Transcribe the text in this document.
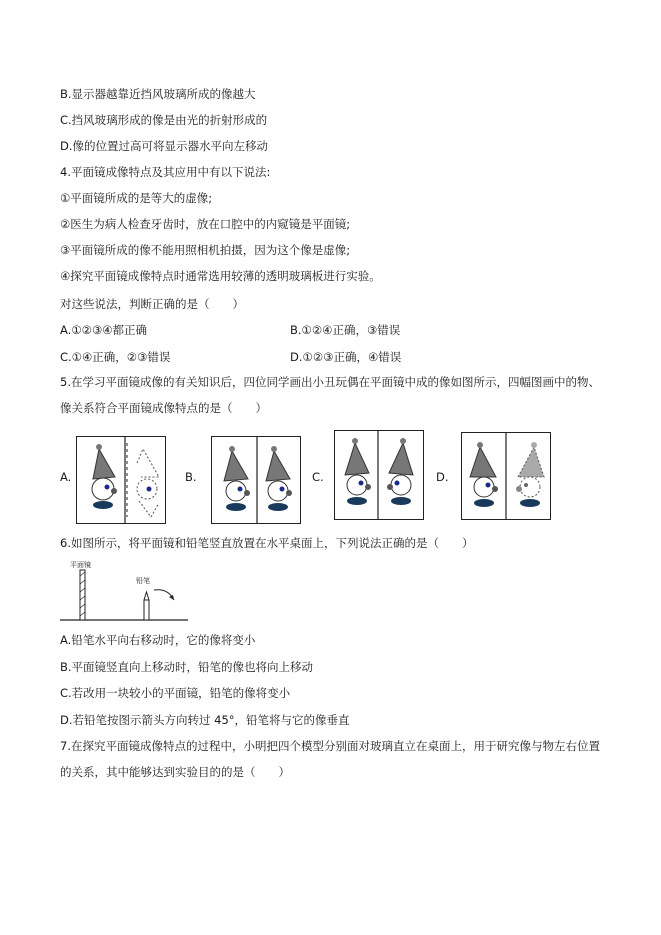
B.显示器越靠近挡风玻璃所成的像越大
C.挡风玻璃形成的像是由光的折射形成的
D.像的位置过高可将显示器水平向左移动
4.平面镜成像特点及其应用中有以下说法:
①平面镜所成的是等大的虚像;
②医生为病人检查牙齿时，放在口腔中的内窥镜是平面镜;
③平面镜所成的像不能用照相机拍摄，因为这个像是虚像;
④探究平面镜成像特点时通常选用较薄的透明玻璃板进行实验。
对这些说法，判断正确的是（　　）
A.①②③④都正确	B.①②④正确，③错误
C.①④正确，②③错误	D.①②③正确，④错误
5.在学习平面镜成像的有关知识后，四位同学画出小丑玩偶在平面镜中成的像如图所示，四幅图画中的物、
像关系符合平面镜成像特点的是（　　）
A.	B.	C.	D.
6.如图所示，将平面镜和铅笔竖直放置在水平桌面上，下列说法正确的是（　　）
平面镜
铅笔
A.铅笔水平向右移动时，它的像将变小
B.平面镜竖直向上移动时，铅笔的像也将向上移动
C.若改用一块较小的平面镜，铅笔的像将变小
D.若铅笔按图示箭头方向转过 45°，铅笔将与它的像垂直
7.在探究平面镜成像特点的过程中，小明把四个模型分别面对玻璃直立在桌面上，用于研究像与物左右位置
的关系，其中能够达到实验目的的是（　　）
